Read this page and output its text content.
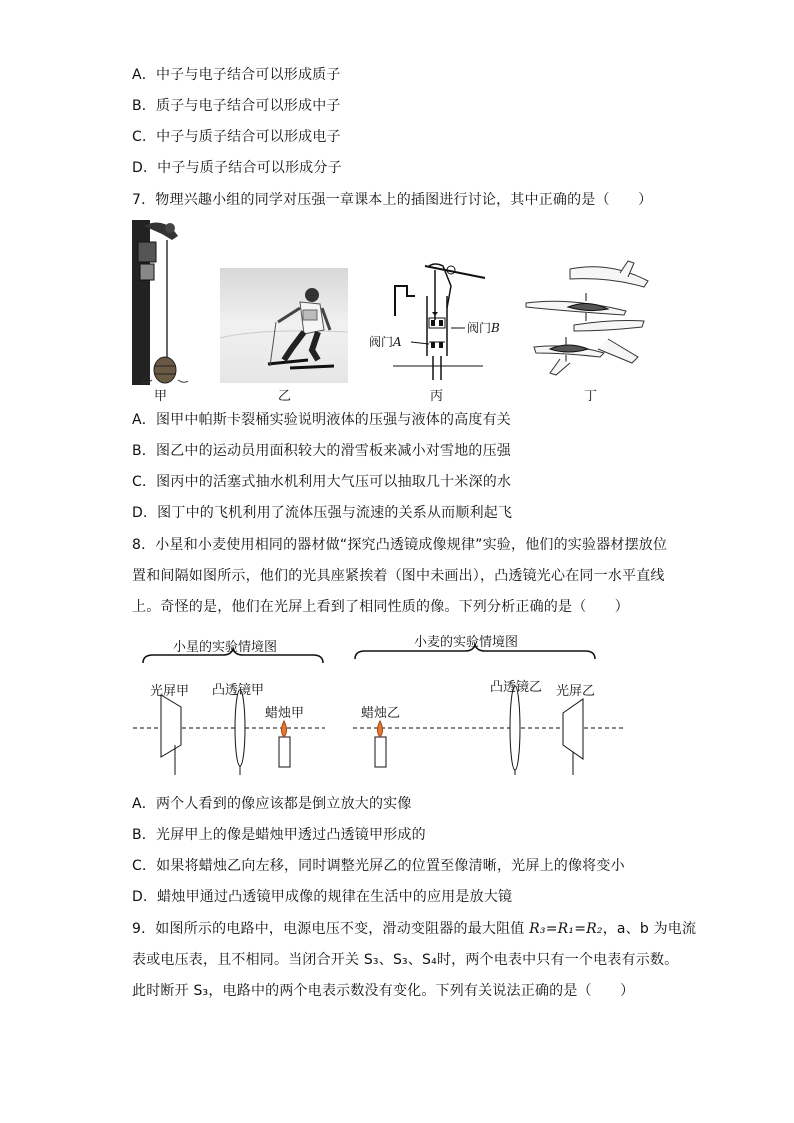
A．中子与电子结合可以形成质子
B．质子与电子结合可以形成中子
C．中子与质子结合可以形成电子
D．中子与质子结合可以形成分子
7．物理兴趣小组的同学对压强一章课本上的插图进行讨论，其中正确的是（　　）
甲	乙
阀门A
阀门B
丙	丁
A．图甲中帕斯卡裂桶实验说明液体的压强与液体的高度有关
B．图乙中的运动员用面积较大的滑雪板来减小对雪地的压强
C．图丙中的活塞式抽水机利用大气压可以抽取几十米深的水
D．图丁中的飞机利用了流体压强与流速的关系从而顺利起飞
8．小星和小麦使用相同的器材做“探究凸透镜成像规律”实验，他们的实验器材摆放位
置和间隔如图所示，他们的光具座紧挨着（图中未画出），凸透镜光心在同一水平直线
上。奇怪的是，他们在光屏上看到了相同性质的像。下列分析正确的是（　　）
小星的实验情境图	小麦的实验情境图
光屏甲 凸透镜甲
蜡烛甲	蜡烛乙
凸透镜乙 光屏乙
A．两个人看到的像应该都是倒立放大的实像
B．光屏甲上的像是蜡烛甲透过凸透镜甲形成的
C．如果将蜡烛乙向左移，同时调整光屏乙的位置至像清晰，光屏上的像将变小
D．蜡烛甲通过凸透镜甲成像的规律在生活中的应用是放大镜
9．如图所示的电路中，电源电压不变，滑动变阻器的最大阻值 R₃=R₁=R₂，a、b 为电流
表或电压表，且不相同。当闭合开关 S₃、S₃、S₄时，两个电表中只有一个电表有示数。
此时断开 S₃，电路中的两个电表示数没有变化。下列有关说法正确的是（　　）
